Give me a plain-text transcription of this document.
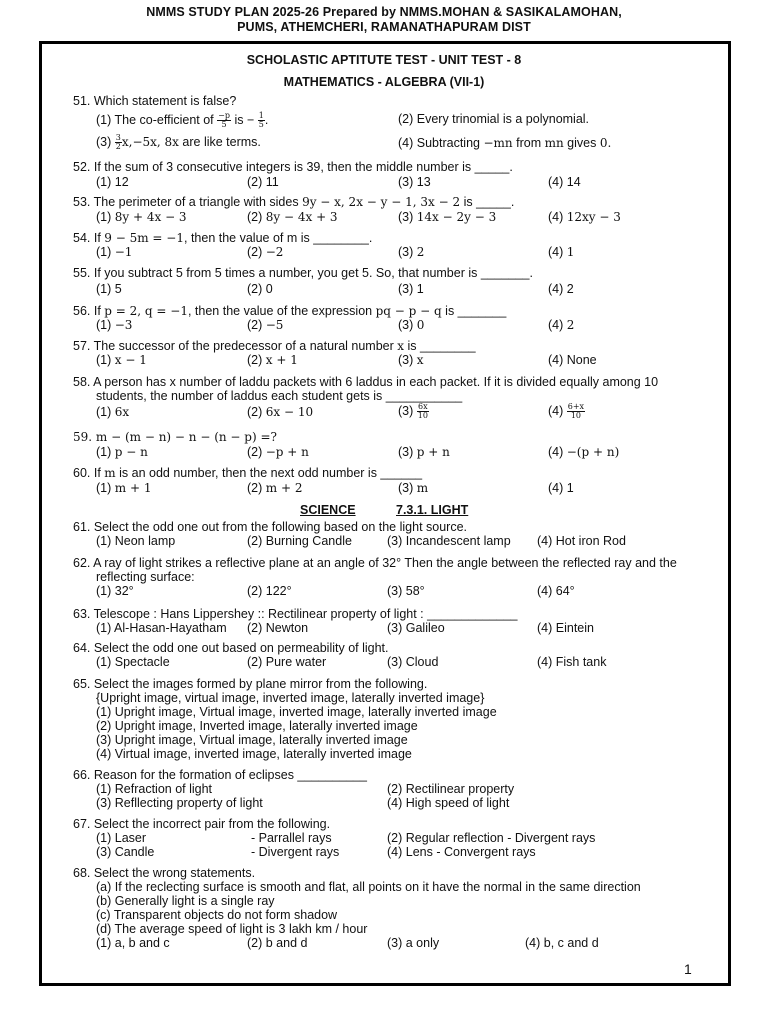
NMMS STUDY PLAN 2025-26 Prepared by NMMS.MOHAN & SASIKALAMOHAN,
PUMS, ATHEMCHERI, RAMANATHAPURAM DIST
SCHOLASTIC APTITUTE TEST - UNIT TEST - 8
MATHEMATICS - ALGEBRA (VII-1)
51. Which statement is false?
(1) The co-efficient of $\frac{-p}{5}$ is − $\frac{1}{5}$ .	(2) Every trinomial is a polynomial.
$(3) \frac{3}{2} x,-5x$, 8x are like terms.	(4) Subtracting −mn from mn gives 0.
52. If the sum of 3 consecutive integers is 39, then the middle number is _____.
(1) 12	(2) 11	(3) 13	(4) 14
53. The perimeter of a triangle with sides 9y − x, 2x − y − 1, 3x − 2 is _____.
(1) 8y + 4x − 3	(2) 8y − 4x + 3	(3) 14x − 2y − 3	(4) 12xy − 3
54. If 9 − 5m = −1, then the value of m is ________.
(1) −1	(2) −2	(3) 2	(4) 1
55. If you subtract 5 from 5 times a number, you get 5. So, that number is _______.
(1) 5	(2) 0	(3) 1	(4) 2
56. If p = 2, q = −1, then the value of the expression pq − p − q is _______
(1) −3	(2) −5	(3) 0	(4) 2
57. The successor of the predecessor of a natural number x is ________
(1) x − 1	(2) x + 1	(3) x	(4) None
58. A person has x number of laddu packets with 6 laddus in each packet. If it is divided equally among 10
students, the number of laddus each student gets is ___________
(1) 6x	(2) 6x − 10	$(3) \frac{6x}{10}$	$(4) \frac{6+x}{10}$
59. m − (m − n) − n − (n − p) =?
(1) p − n	(2) −p + n	(3) p + n	(4) −(p + n)
60. If m is an odd number, then the next odd number is ______
(1) m + 1	(2) m + 2	(3) m	(4) 1
SCIENCE	7.3.1. LIGHT
61. Select the odd one out from the following based on the light source.
(1) Neon lamp	(2) Burning Candle	(3) Incandescent lamp (4) Hot iron Rod
62. A ray of light strikes a reflective plane at an angle of 32° Then the angle between the reflected ray and the
reflecting surface:
(1) 32°	(2) 122°	(3) 58°	(4) 64°
63. Telescope : Hans Lippershey :: Rectilinear property of light : _____________
(1) Al-Hasan-Hayatham (2) Newton	(3) Galileo	(4) Eintein
64. Select the odd one out based on permeability of light.
(1) Spectacle	(2) Pure water	(3) Cloud	(4) Fish tank
65. Select the images formed by plane mirror from the following.
{Upright image, virtual image, inverted image, laterally inverted image}
(1) Upright image, Virtual image, inverted image, laterally inverted image
(2) Upright image, Inverted image, laterally inverted image
(3) Upright image, Virtual image, laterally inverted image
(4) Virtual image, inverted image, laterally inverted image
66. Reason for the formation of eclipses __________
(1) Refraction of light	(2) Rectilinear property
(3) Refllecting property of light	(4) High speed of light
67. Select the incorrect pair from the following.
(1) Laser	- Parrallel rays	(2) Regular reflection - Divergent rays
(3) Candle	- Divergent rays	(4) Lens - Convergent rays
68. Select the wrong statements.
(a) If the reclecting surface is smooth and flat, all points on it have the normal in the same direction
(b) Generally light is a single ray
(c) Transparent objects do not form shadow
(d) The average speed of light is 3 lakh km / hour
(1) a, b and c	(2) b and d	(3) a only	(4) b, c and d
1
